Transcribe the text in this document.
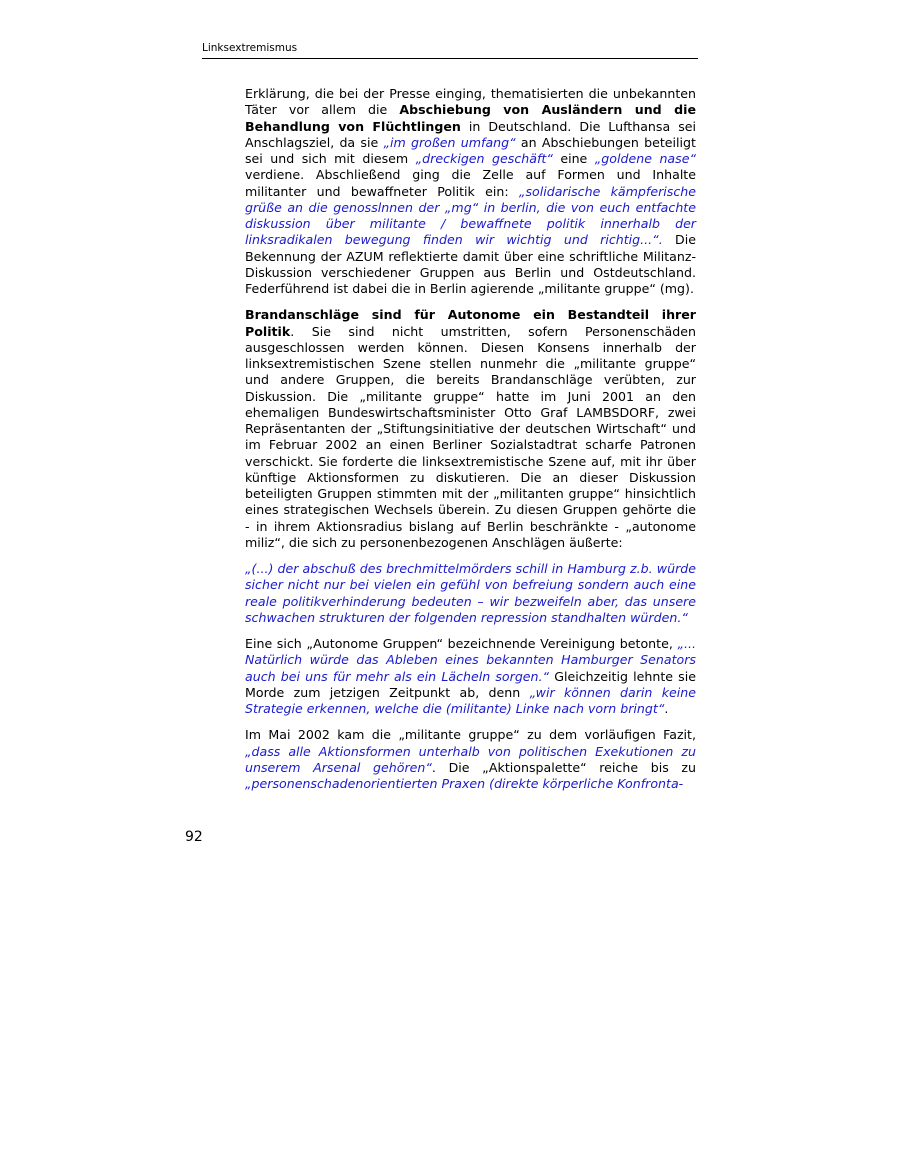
Linksextremismus

Erklärung, die bei der Presse einging, thematisierten die unbekannten Täter vor allem die Abschiebung von Ausländern und die Behandlung von Flüchtlingen in Deutschland. Die Lufthansa sei Anschlagsziel, da sie „im großen umfang“ an Abschiebungen beteiligt sei und sich mit diesem „dreckigen geschäft“ eine „goldene nase“ verdiene. Abschließend ging die Zelle auf Formen und Inhalte militanter und bewaffneter Politik ein: „solidarische kämpferische grüße an die genosslnnen der „mg“ in berlin, die von euch entfachte diskussion über militante / bewaffnete politik innerhalb der linksradikalen bewegung finden wir wichtig und richtig...“. Die Bekennung der AZUM reflektierte damit über eine schriftliche Militanz-Diskussion verschiedener Gruppen aus Berlin und Ostdeutschland. Federführend ist dabei die in Berlin agierende „militante gruppe“ (mg).

Brandanschläge sind für Autonome ein Bestandteil ihrer Politik. Sie sind nicht umstritten, sofern Personenschäden ausgeschlossen werden können. Diesen Konsens innerhalb der linksextremistischen Szene stellen nunmehr die „militante gruppe“ und andere Gruppen, die bereits Brandanschläge verübten, zur Diskussion. Die „militante gruppe“ hatte im Juni 2001 an den ehemaligen Bundeswirtschaftsminister Otto Graf LAMBSDORF, zwei Repräsentanten der „Stiftungsinitiative der deutschen Wirtschaft“ und im Februar 2002 an einen Berliner Sozialstadtrat scharfe Patronen verschickt. Sie forderte die linksextremistische Szene auf, mit ihr über künftige Aktionsformen zu diskutieren. Die an dieser Diskussion beteiligten Gruppen stimmten mit der „militanten gruppe“ hinsichtlich eines strategischen Wechsels überein. Zu diesen Gruppen gehörte die - in ihrem Aktionsradius bislang auf Berlin beschränkte - „autonome miliz“, die sich zu personenbezogenen Anschlägen äußerte:

„(...) der abschuß des brechmittelmörders schill in Hamburg z.b. würde sicher nicht nur bei vielen ein gefühl von befreiung sondern auch eine reale politikverhinderung bedeuten – wir bezweifeln aber, das unsere schwachen strukturen der folgenden repression standhalten würden.“

Eine sich „Autonome Gruppen“ bezeichnende Vereinigung betonte, „... Natürlich würde das Ableben eines bekannten Hamburger Senators auch bei uns für mehr als ein Lächeln sorgen.“ Gleichzeitig lehnte sie Morde zum jetzigen Zeitpunkt ab, denn „wir können darin keine Strategie erkennen, welche die (militante) Linke nach vorn bringt“.

Im Mai 2002 kam die „militante gruppe“ zu dem vorläufigen Fazit, „dass alle Aktionsformen unterhalb von politischen Exekutionen zu unserem Arsenal gehören“. Die „Aktionspalette“ reiche bis zu „personenschadenorientierten Praxen (direkte körperliche Konfronta-

92
